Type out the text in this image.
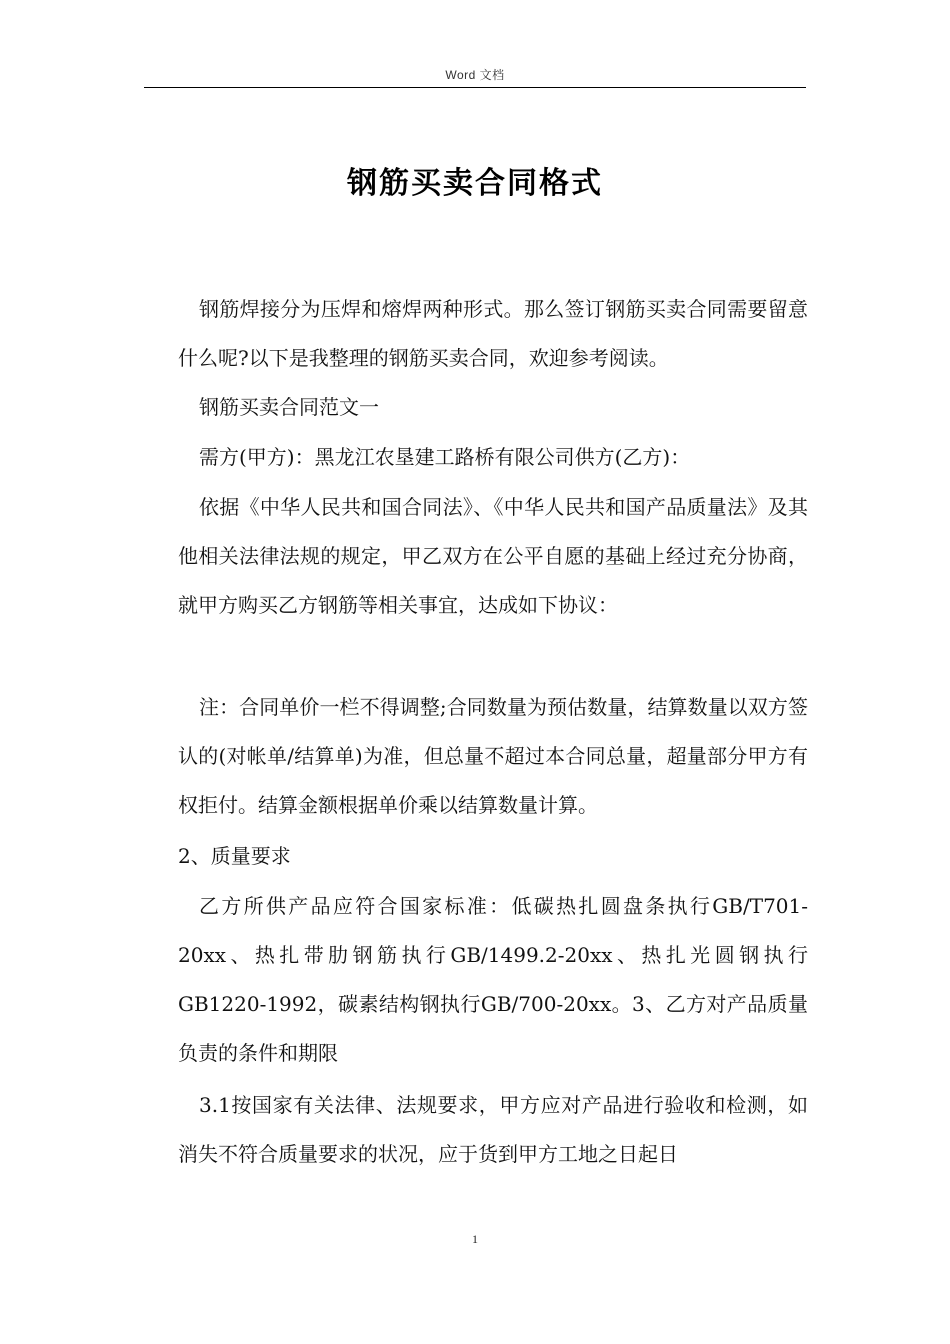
Word 文档
钢筋买卖合同格式

钢筋焊接分为压焊和熔焊两种形式。那么签订钢筋买卖合同需要留意什么呢?以下是我整理的钢筋买卖合同，欢迎参考阅读。

钢筋买卖合同范文一

需方(甲方)：黑龙江农垦建工路桥有限公司供方(乙方)：

依据《中华人民共和国合同法》、《中华人民共和国产品质量法》及其他相关法律法规的规定，甲乙双方在公平自愿的基础上经过充分协商，就甲方购买乙方钢筋等相关事宜，达成如下协议：

注：合同单价一栏不得调整;合同数量为预估数量，结算数量以双方签认的(对帐单/结算单)为准，但总量不超过本合同总量，超量部分甲方有权拒付。结算金额根据单价乘以结算数量计算。

2、质量要求

乙方所供产品应符合国家标准：低碳热扎圆盘条执行GB/T701-20xx、热扎带肋钢筋执行GB/1499.2-20xx、热扎光圆钢执行GB1220-1992，碳素结构钢执行GB/700-20xx。3、乙方对产品质量负责的条件和期限

3.1按国家有关法律、法规要求，甲方应对产品进行验收和检测，如消失不符合质量要求的状况，应于货到甲方工地之日起日

1
